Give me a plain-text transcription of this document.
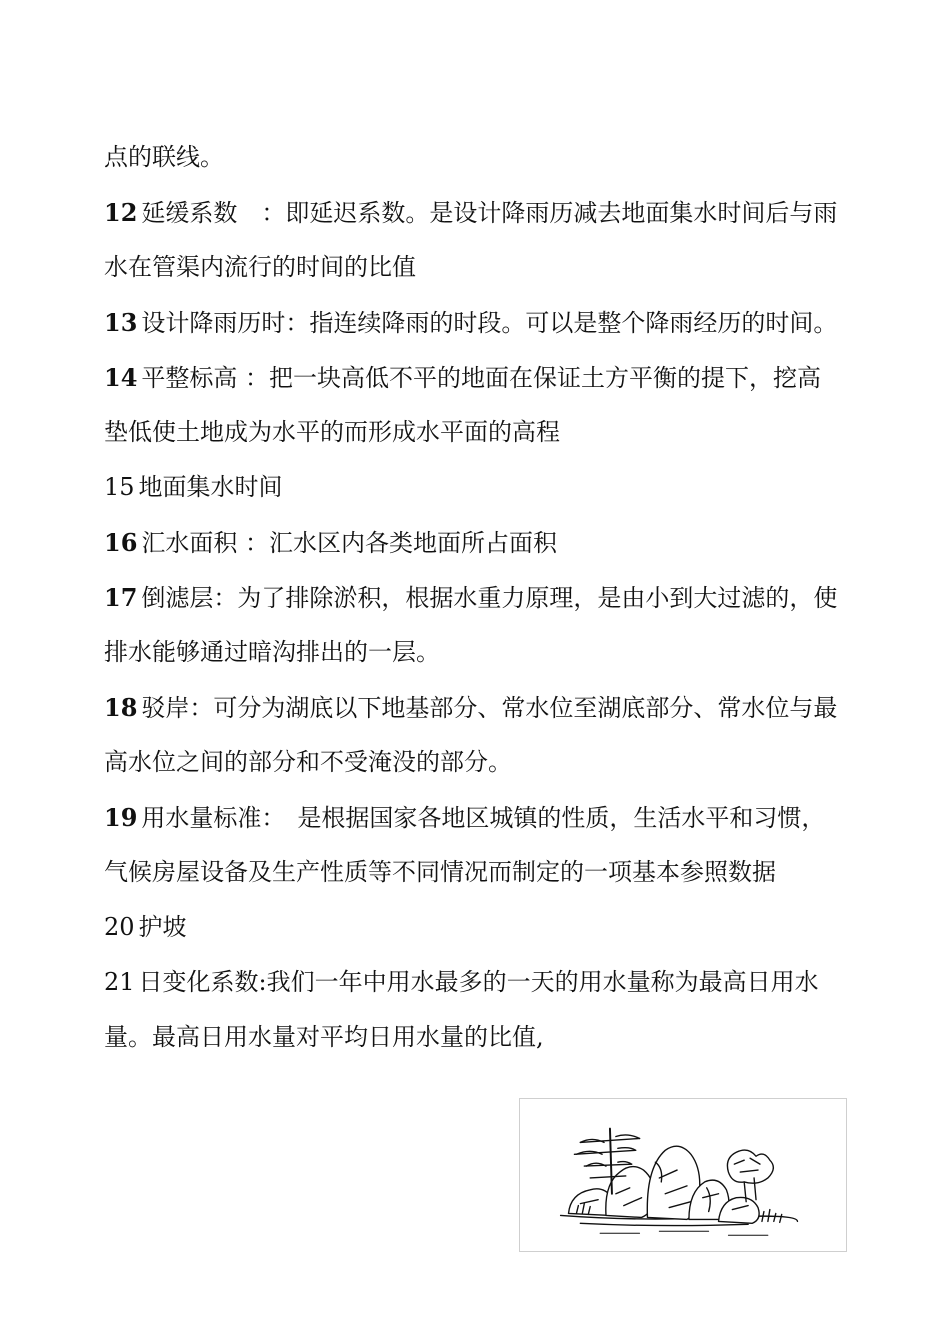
点的联线。
12 延缓系数　：即延迟系数。是设计降雨历减去地面集水时间后与雨
水在管渠内流行的时间的比值
13 设计降雨历时：指连续降雨的时段。可以是整个降雨经历的时间。
14 平整标高 ：把一块高低不平的地面在保证土方平衡的提下，挖高
垫低使土地成为水平的而形成水平面的高程
15 地面集水时间
16 汇水面积 ：汇水区内各类地面所占面积
17 倒滤层：为了排除淤积，根据水重力原理，是由小到大过滤的，使
排水能够通过暗沟排出的一层。
18 驳岸：可分为湖底以下地基部分、常水位至湖底部分、常水位与最
高水位之间的部分和不受淹没的部分。
19 用水量标准：　是根据国家各地区城镇的性质，生活水平和习惯，
气候房屋设备及生产性质等不同情况而制定的一项基本参照数据
20 护坡
21 日变化系数:我们一年中用水最多的一天的用水量称为最高日用水
量。最高日用水量对平均日用水量的比值,
